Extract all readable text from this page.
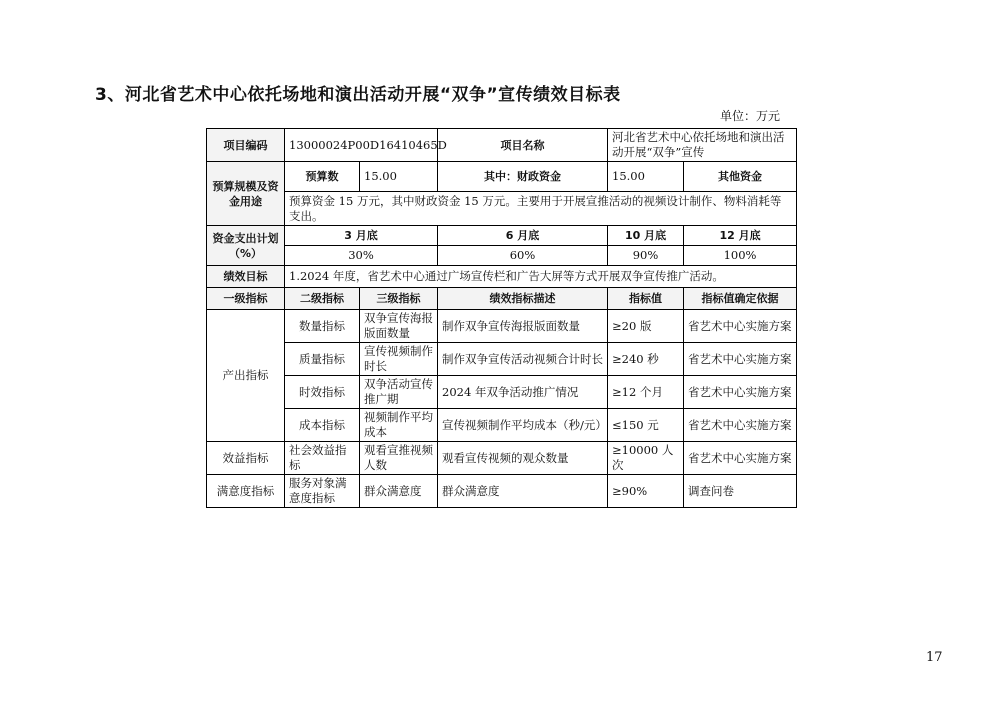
3、河北省艺术中心依托场地和演出活动开展“双争”宣传绩效目标表
单位：万元
项目编码	13000024P00D16410465D		项目名称	河北省艺术中心依托场地和演出活动开展“双争”宣传	
预算规模及资金用途	预算数	15.00	其中：财政资金	15.00	其他资金
	预算资金 15 万元，其中财政资金 15 万元。主要用于开展宣推活动的视频设计制作、物料消耗等支出。				
资金支出计划（%）	3 月底		6 月底	10 月底	12 月底
	30%		60%	90%	100%
绩效目标	1.2024 年度，省艺术中心通过广场宣传栏和广告大屏等方式开展双争宣传推广活动。				
一级指标	二级指标	三级指标	绩效指标描述	指标值	指标值确定依据
产出指标	数量指标	双争宣传海报版面数量	制作双争宣传海报版面数量	≥20 版	省艺术中心实施方案
	质量指标	宣传视频制作时长	制作双争宣传活动视频合计时长	≥240 秒	省艺术中心实施方案
	时效指标	双争活动宣传推广期	2024 年双争活动推广情况	≥12 个月	省艺术中心实施方案
	成本指标	视频制作平均成本	宣传视频制作平均成本（秒/元）	≤150 元	省艺术中心实施方案
效益指标	社会效益指标	观看宣推视频人数	观看宣传视频的观众数量	≥10000 人次	省艺术中心实施方案
满意度指标	服务对象满意度指标	群众满意度	群众满意度	≥90%	调查问卷
17
